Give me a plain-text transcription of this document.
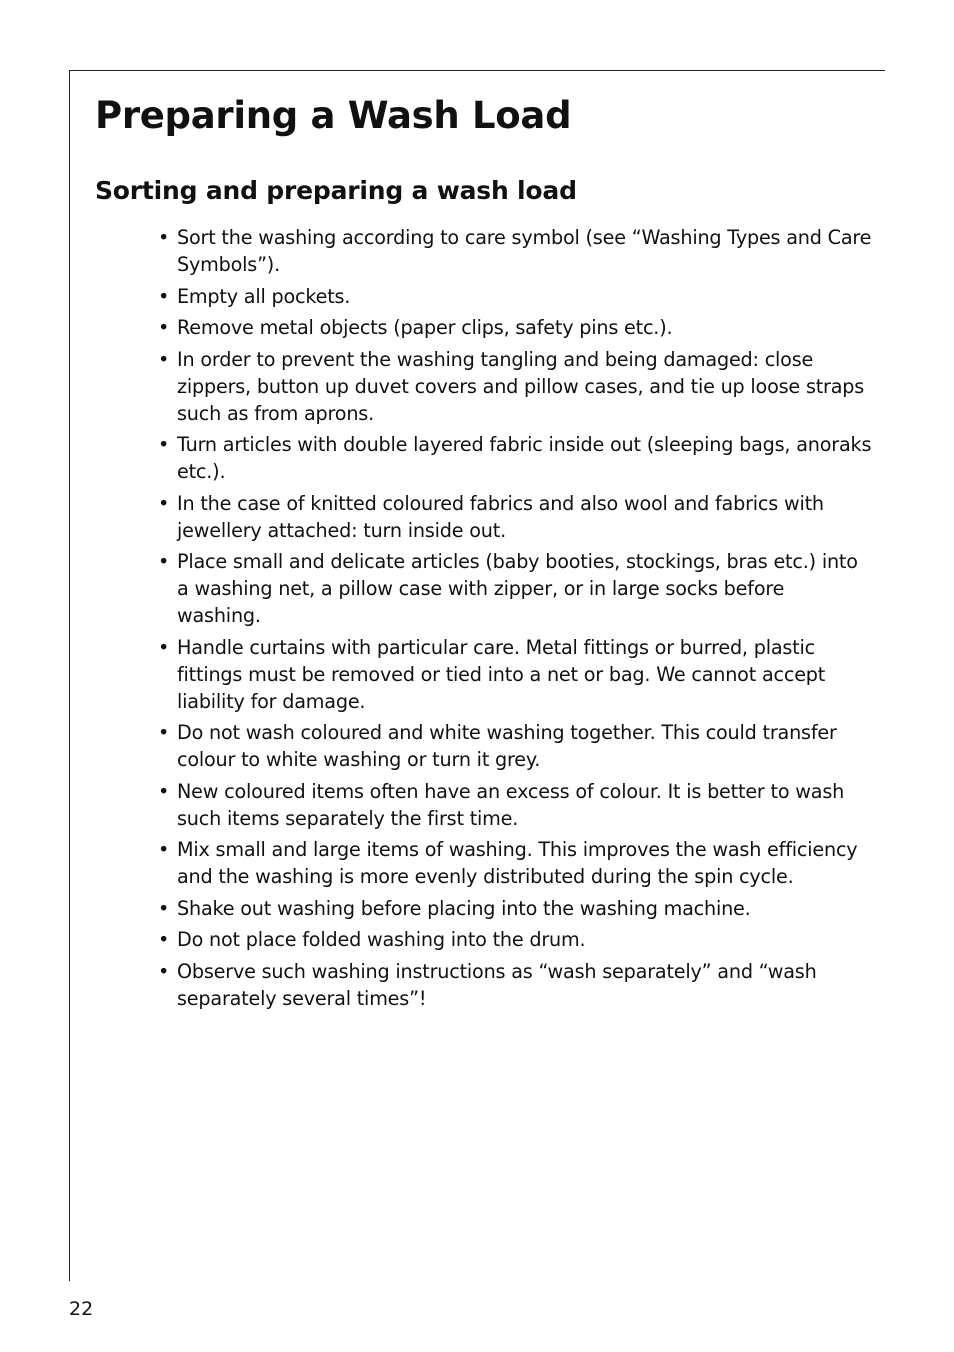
Preparing a Wash Load
Sorting and preparing a wash load
• Sort the washing according to care symbol (see “Washing Types and Care Symbols”).
• Empty all pockets.
• Remove metal objects (paper clips, safety pins etc.).
• In order to prevent the washing tangling and being damaged: close zippers, button up duvet covers and pillow cases, and tie up loose straps such as from aprons.
• Turn articles with double layered fabric inside out (sleeping bags, anoraks etc.).
• In the case of knitted coloured fabrics and also wool and fabrics with jewellery attached: turn inside out.
• Place small and delicate articles (baby booties, stockings, bras etc.) into a washing net, a pillow case with zipper, or in large socks before washing.
• Handle curtains with particular care. Metal fittings or burred, plastic fittings must be removed or tied into a net or bag. We cannot accept liability for damage.
• Do not wash coloured and white washing together. This could transfer colour to white washing or turn it grey.
• New coloured items often have an excess of colour. It is better to wash such items separately the first time.
• Mix small and large items of washing. This improves the wash efficiency and the washing is more evenly distributed during the spin cycle.
• Shake out washing before placing into the washing machine.
• Do not place folded washing into the drum.
• Observe such washing instructions as “wash separately” and “wash separately several times”!
22
